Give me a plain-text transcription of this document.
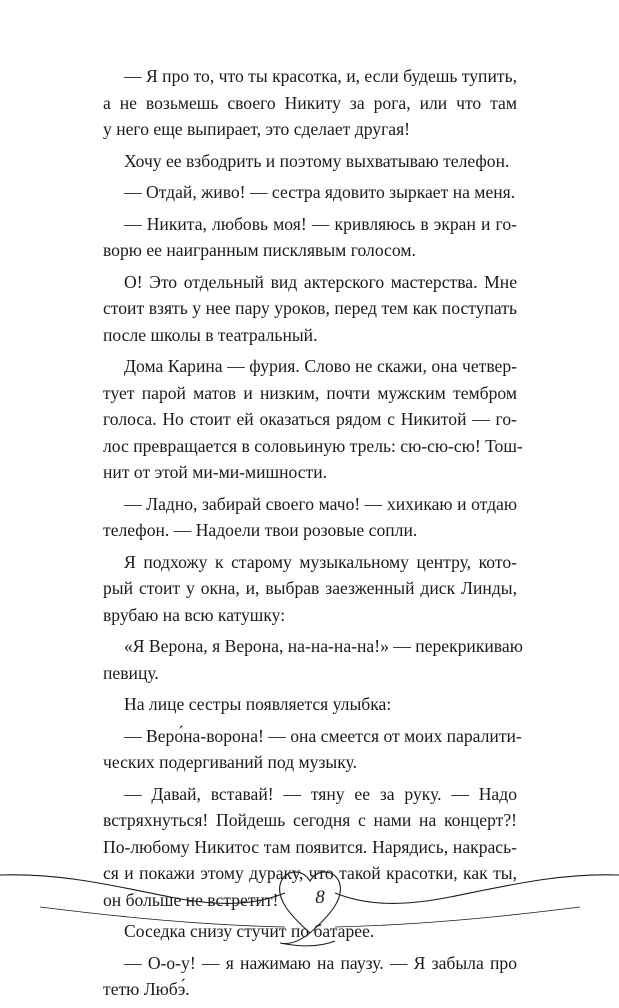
— Я про то, что ты красотка, и, если будешь тупить,
а не возьмешь своего Никиту за рога, или что там
у него еще выпирает, это сделает другая!
Хочу ее взбодрить и поэтому выхватываю телефон.
— Отдай, живо! — сестра ядовито зыркает на меня.
— Никита, любовь моя! — кривляюсь в экран и го-
ворю ее наигранным писклявым голосом.
О! Это отдельный вид актерского мастерства. Мне
стоит взять у нее пару уроков, перед тем как поступать
после школы в театральный.
Дома Карина — фурия. Слово не скажи, она четвер-
тует парой матов и низким, почти мужским тембром
голоса. Но стоит ей оказаться рядом с Никитой — го-
лос превращается в соловьиную трель: сю-сю-сю! Тош-
нит от этой ми-ми-мишности.
— Ладно, забирай своего мачо! — хихикаю и отдаю
телефон. — Надоели твои розовые сопли.
Я подхожу к старому музыкальному центру, кото-
рый стоит у окна, и, выбрав заезженный диск Линды,
врубаю на всю катушку:
«Я Верона, я Верона, на-на-на-на!» — перекрикиваю
певицу.
На лице сестры появляется улыбка:
— Веро́на-ворона! — она смеется от моих паралити-
ческих подергиваний под музыку.
— Давай, вставай! — тяну ее за руку. — Надо
встряхнуться! Пойдешь сегодня с нами на концерт?!
По-любому Никитос там появится. Нарядись, накрась-
ся и покажи этому дураку, что такой красотки, как ты,
он больше не встретит!
Соседка снизу стучит по батарее.
— О-о-у! — я нажимаю на паузу. — Я забыла про
тетю Любэ́.
8
